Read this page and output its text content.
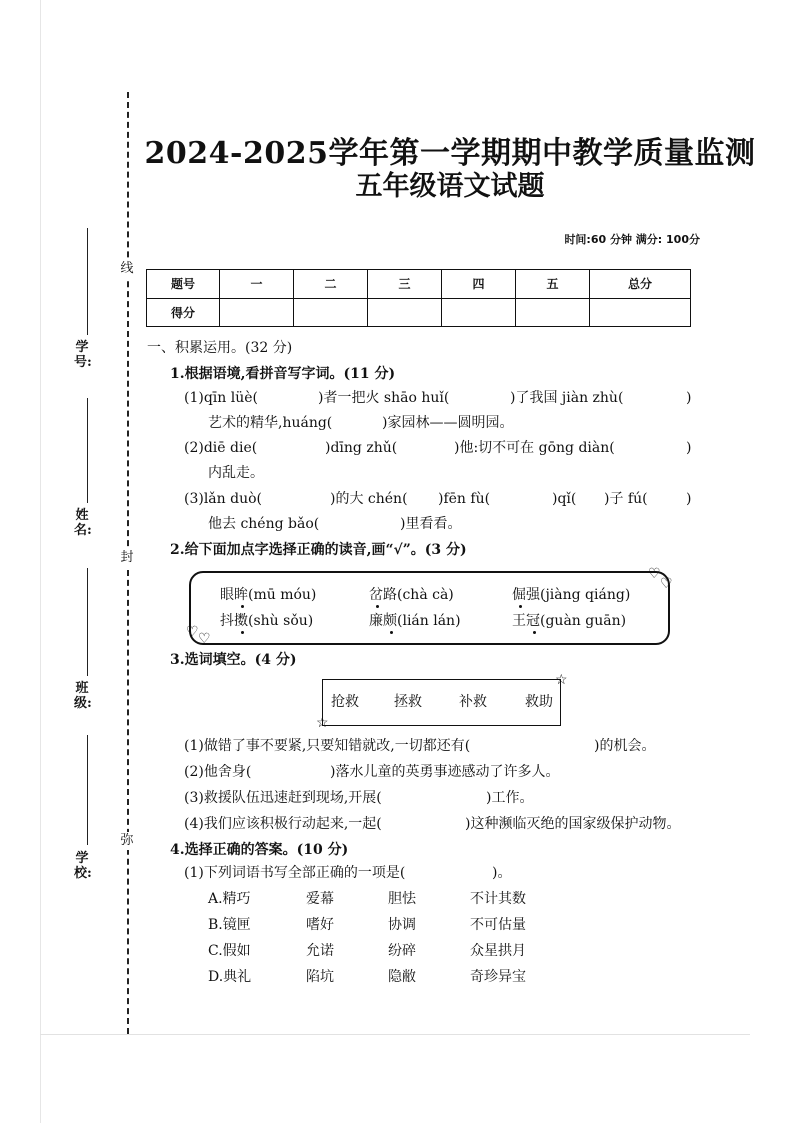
线
封
弥
学号:
姓名:
班级:
学校:
2024-2025学年第一学期期中教学质量监测
五年级语文试题
时间:60 分钟 满分: 100分
题号	一	二	三	四	五	总分
得分						
一、积累运用。(32 分)
1.根据语境,看拼音写字词。(11 分)
(1)qīn lüè(	)者一把火 shāo huǐ(	)了我国 jiàn zhù(	)
艺术的精华,huáng(	)家园林——圆明园。
(2)diē die(	)dīng zhǔ(	)他:切不可在 gōng diàn(	)
内乱走。
(3)lǎn duò(	)的大 chén( )fēn fù(	)qǐ( )子 fú(	)
他去 chéng bǎo(	)里看看。
2.给下面加点字选择正确的读音,画“√”。(3 分)
♡
♡
♡ ♡
眼眸(mū móu)	岔路(chà cà)	倔强(jiàng qiáng)
抖擞(shù sǒu)	廉颇(lián lán)	王冠(guàn guān)
3.选词填空。(4 分)
☆
☆
抢救	拯救	补救	救助
(1)做错了事不要紧,只要知错就改,一切都还有(	)的机会。
(2)他舍身(	)落水儿童的英勇事迹感动了许多人。
(3)救援队伍迅速赶到现场,开展(	)工作。
(4)我们应该积极行动起来,一起(	)这种濒临灭绝的国家级保护动物。
4.选择正确的答案。(10 分)
(1)下列词语书写全部正确的一项是(	)。
A.精巧	爱幕	胆怯	不计其数
B.镜匣	嗜好	协调	不可估量
C.假如	允诺	纷碎	众星拱月
D.典礼	陷坑	隐敝	奇珍异宝
